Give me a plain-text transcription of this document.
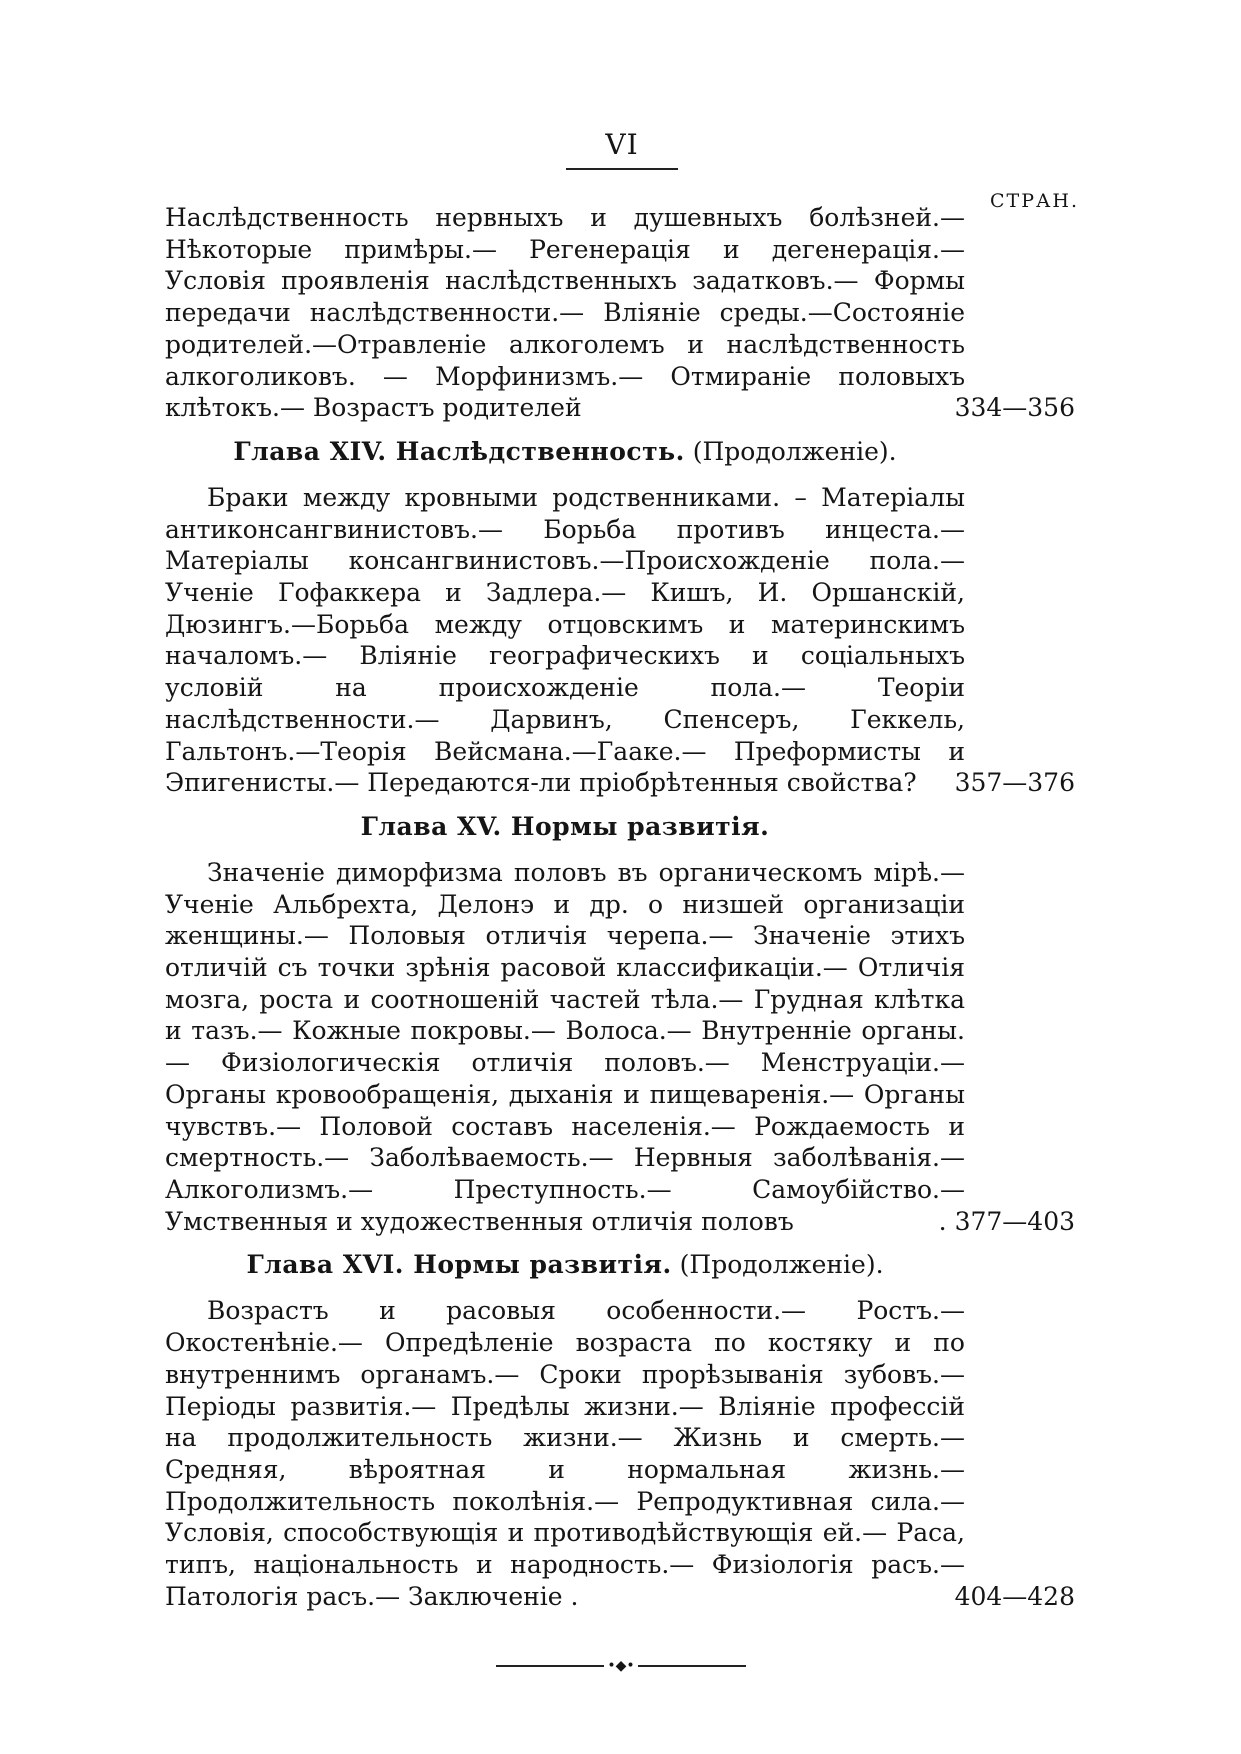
VI
СТРАН.

Наслѣдственность нервныхъ и душевныхъ болѣзней.— Нѣкоторые примѣры.— Регенерація и дегенерація.— Условія проявленія наслѣдственныхъ задатковъ.— Формы передачи наслѣдственности.— Вліяніе среды.—Состояніе родителей.—Отравленіе алкоголемъ и наслѣдственность алкоголиковъ. — Морфинизмъ.— Отмираніе половыхъ клѣтокъ.— Возрастъ родителей	334—356
Глава XIV. Наслѣдственность. (Продолженіе).

Браки между кровными родственниками. – Матеріалы антиконсангвинистовъ.— Борьба противъ инцеста.— Матеріалы консангвинистовъ.—Происхожденіе пола.— Ученіе Гофаккера и Задлера.— Кишъ, И. Оршанскій, Дюзингъ.—Борьба между отцовскимъ и материнскимъ началомъ.— Вліяніе географическихъ и соціальныхъ условій на происхожденіе пола.— Теоріи наслѣдственности.— Дарвинъ, Спенсеръ, Геккель, Гальтонъ.—Теорія Вейсмана.—Гааке.— Преформисты и Эпигенисты.— Передаются-ли пріобрѣтенныя свойства?	357—376
Глава XV. Нормы развитія.

Значеніе диморфизма половъ въ органическомъ мірѣ.—Ученіе Альбрехта, Делонэ и др. о низшей организаціи женщины.— Половыя отличія черепа.— Значеніе этихъ отличій съ точки зрѣнія расовой классификаціи.— Отличія мозга, роста и соотношеній частей тѣла.— Грудная клѣтка и тазъ.— Кожные покровы.— Волоса.— Внутренніе органы.— Физіологическія отличія половъ.— Менструаціи.—Органы кровообращенія, дыханія и пищеваренія.— Органы чувствъ.— Половой составъ населенія.— Рождаемость и смертность.— Заболѣваемость.— Нервныя заболѣванія.— Алкоголизмъ.— Преступность.— Самоубійство.— Умственныя и художественныя отличія половъ	. 377—403
Глава XVI. Нормы развитія. (Продолженіе).

Возрастъ и расовыя особенности.— Ростъ.— Окостенѣніе.— Опредѣленіе возраста по костяку и по внутреннимъ органамъ.— Сроки прорѣзыванія зубовъ.— Періоды развитія.— Предѣлы жизни.— Вліяніе профессій на продолжительность жизни.— Жизнь и смерть.— Средняя, вѣроятная и нормальная жизнь.— Продолжительность поколѣнія.— Репродуктивная сила.— Условія, способствующія и противодѣйствующія ей.— Раса, типъ, національность и народность.— Физіологія расъ.—Патологія расъ.— Заключеніе .	404—428
•◆•
